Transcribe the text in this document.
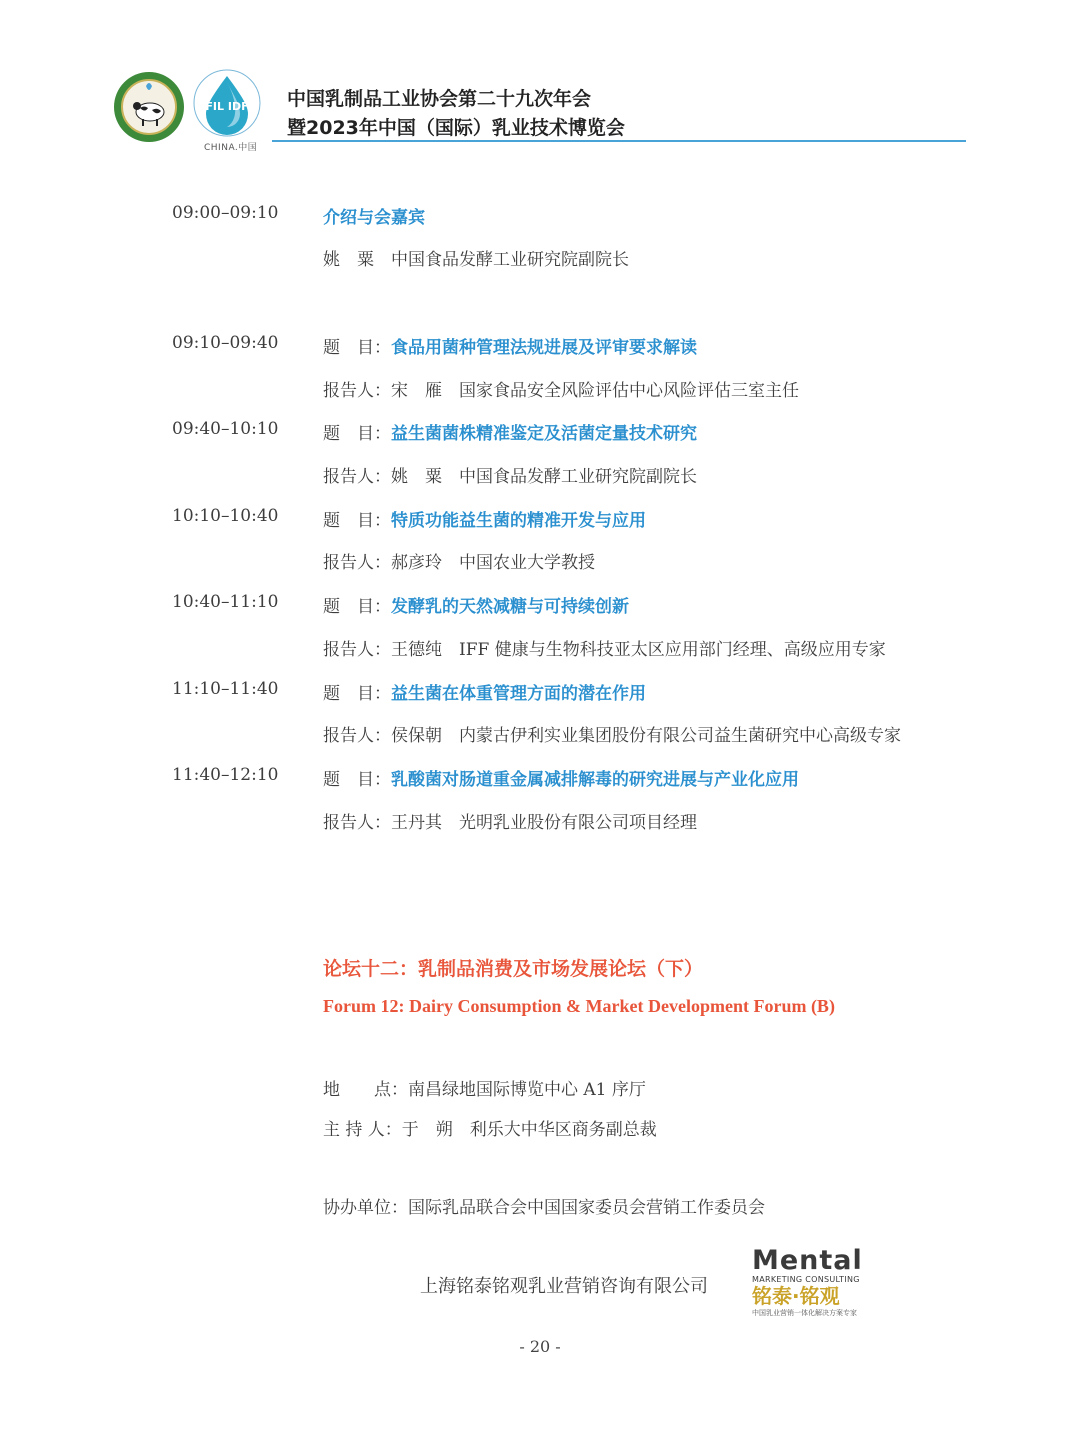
FIL IDF
CHINA.中国
中国乳制品工业协会第二十九次年会
暨2023年中国（国际）乳业技术博览会
09:00–09:10	介绍与会嘉宾
姚　粟　中国食品发酵工业研究院副院长
09:10–09:40	题　目：食品用菌种管理法规进展及评审要求解读
报告人：宋　雁　国家食品安全风险评估中心风险评估三室主任
09:40–10:10	题　目：益生菌菌株精准鉴定及活菌定量技术研究
报告人：姚　粟　中国食品发酵工业研究院副院长
10:10–10:40	题　目：特质功能益生菌的精准开发与应用
报告人：郝彦玲　中国农业大学教授
10:40–11:10	题　目：发酵乳的天然减糖与可持续创新
报告人：王德纯　IFF 健康与生物科技亚太区应用部门经理、高级应用专家
11:10–11:40	题　目：益生菌在体重管理方面的潜在作用
报告人：侯保朝　内蒙古伊利实业集团股份有限公司益生菌研究中心高级专家
11:40–12:10	题　目：乳酸菌对肠道重金属减排解毒的研究进展与产业化应用
报告人：王丹其　光明乳业股份有限公司项目经理
论坛十二：乳制品消费及市场发展论坛（下）
Forum 12: Dairy Consumption & Market Development Forum (B)
地　　点：南昌绿地国际博览中心 A1 序厅
主 持 人：于　朔　利乐大中华区商务副总裁
协办单位：国际乳品联合会中国国家委员会营销工作委员会
上海铭泰铭观乳业营销咨询有限公司
Mental
MARKETING CONSULTING
铭泰·铭观
中国乳业营销一体化解决方案专家
- 20 -
